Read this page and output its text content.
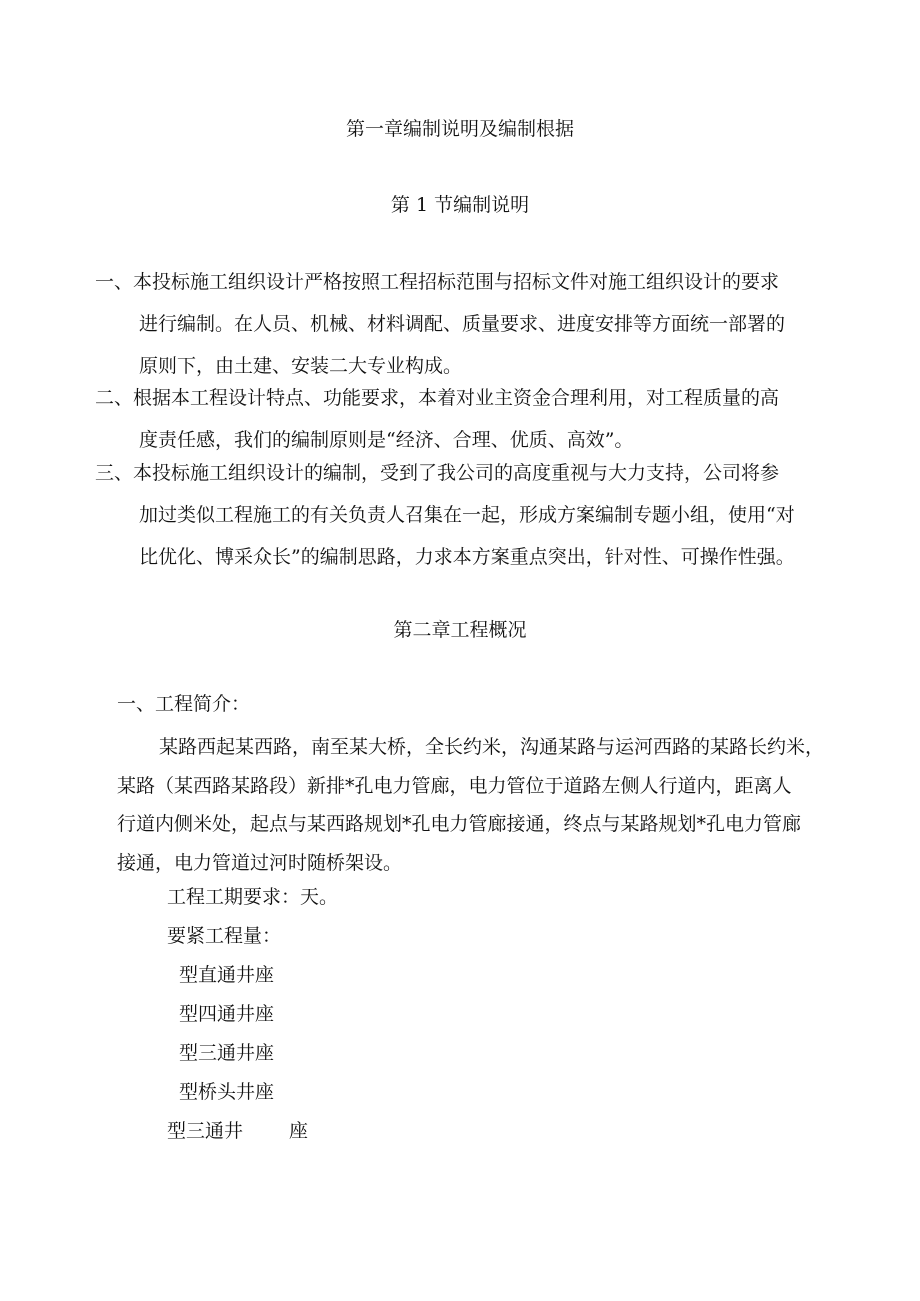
第一章编制说明及编制根据
第 1 节编制说明
一、本投标施工组织设计严格按照工程招标范围与招标文件对施工组织设计的要求
进行编制。在人员、机械、材料调配、质量要求、进度安排等方面统一部署的
原则下，由土建、安装二大专业构成。
二、根据本工程设计特点、功能要求，本着对业主资金合理利用，对工程质量的高
度责任感，我们的编制原则是“经济、合理、优质、高效”。
三、本投标施工组织设计的编制，受到了我公司的高度重视与大力支持，公司将参
加过类似工程施工的有关负责人召集在一起，形成方案编制专题小组，使用“对
比优化、博采众长”的编制思路，力求本方案重点突出，针对性、可操作性强。
第二章工程概况
一、工程简介：
某路西起某西路，南至某大桥，全长约米，沟通某路与运河西路的某路长约米，
某路（某西路某路段）新排*孔电力管廊，电力管位于道路左侧人行道内，距离人
行道内侧米处，起点与某西路规划*孔电力管廊接通，终点与某路规划*孔电力管廊
接通，电力管道过河时随桥架设。
工程工期要求：天。
要紧工程量：
型直通井座
型四通井座
型三通井座
型桥头井座
型三通井 座
